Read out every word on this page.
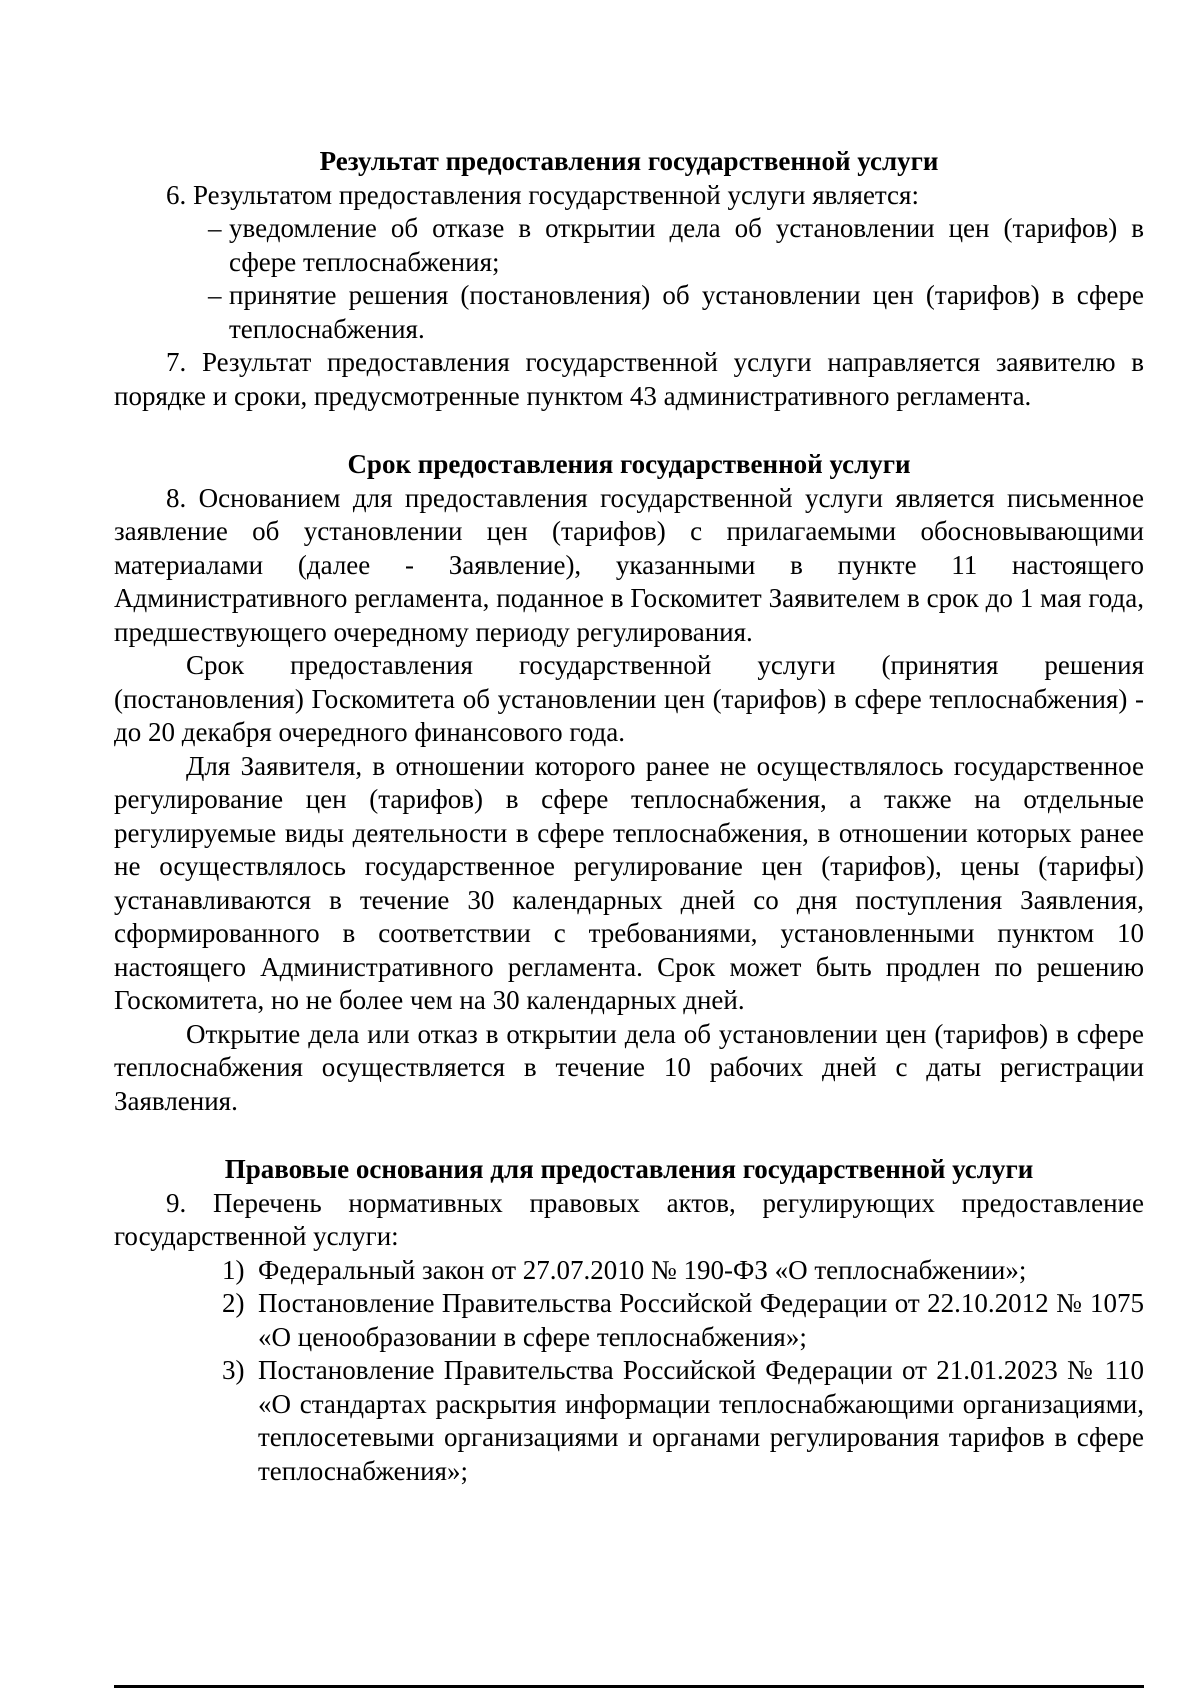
Результат предоставления государственной услуги

6. Результатом предоставления государственной услуги является:

– уведомление об отказе в открытии дела об установлении цен (тарифов) в сфере теплоснабжения;
– принятие решения (постановления) об установлении цен (тарифов) в сфере теплоснабжения.

7. Результат предоставления государственной услуги направляется заявителю в порядке и сроки, предусмотренные пунктом 43 административного регламента.

Срок предоставления государственной услуги

8. Основанием для предоставления государственной услуги является письменное заявление об установлении цен (тарифов) с прилагаемыми обосновывающими материалами (далее - Заявление), указанными в пункте 11 настоящего Административного регламента, поданное в Госкомитет Заявителем в срок до 1 мая года, предшествующего очередному периоду регулирования.

Срок предоставления государственной услуги (принятия решения (постановления) Госкомитета об установлении цен (тарифов) в сфере теплоснабжения) - до 20 декабря очередного финансового года.

Для Заявителя, в отношении которого ранее не осуществлялось государственное регулирование цен (тарифов) в сфере теплоснабжения, а также на отдельные регулируемые виды деятельности в сфере теплоснабжения, в отношении которых ранее не осуществлялось государственное регулирование цен (тарифов), цены (тарифы) устанавливаются в течение 30 календарных дней со дня поступления Заявления, сформированного в соответствии с требованиями, установленными пунктом 10 настоящего Административного регламента. Срок может быть продлен по решению Госкомитета, но не более чем на 30 календарных дней.

Открытие дела или отказ в открытии дела об установлении цен (тарифов) в сфере теплоснабжения осуществляется в течение 10 рабочих дней с даты регистрации Заявления.

Правовые основания для предоставления государственной услуги

9. Перечень нормативных правовых актов, регулирующих предоставление государственной услуги:

1) Федеральный закон от 27.07.2010 № 190-ФЗ «О теплоснабжении»;
2) Постановление Правительства Российской Федерации от 22.10.2012 № 1075 «О ценообразовании в сфере теплоснабжения»;
3) Постановление Правительства Российской Федерации от 21.01.2023 № 110 «О стандартах раскрытия информации теплоснабжающими организациями, теплосетевыми организациями и органами регулирования тарифов в сфере теплоснабжения»;
